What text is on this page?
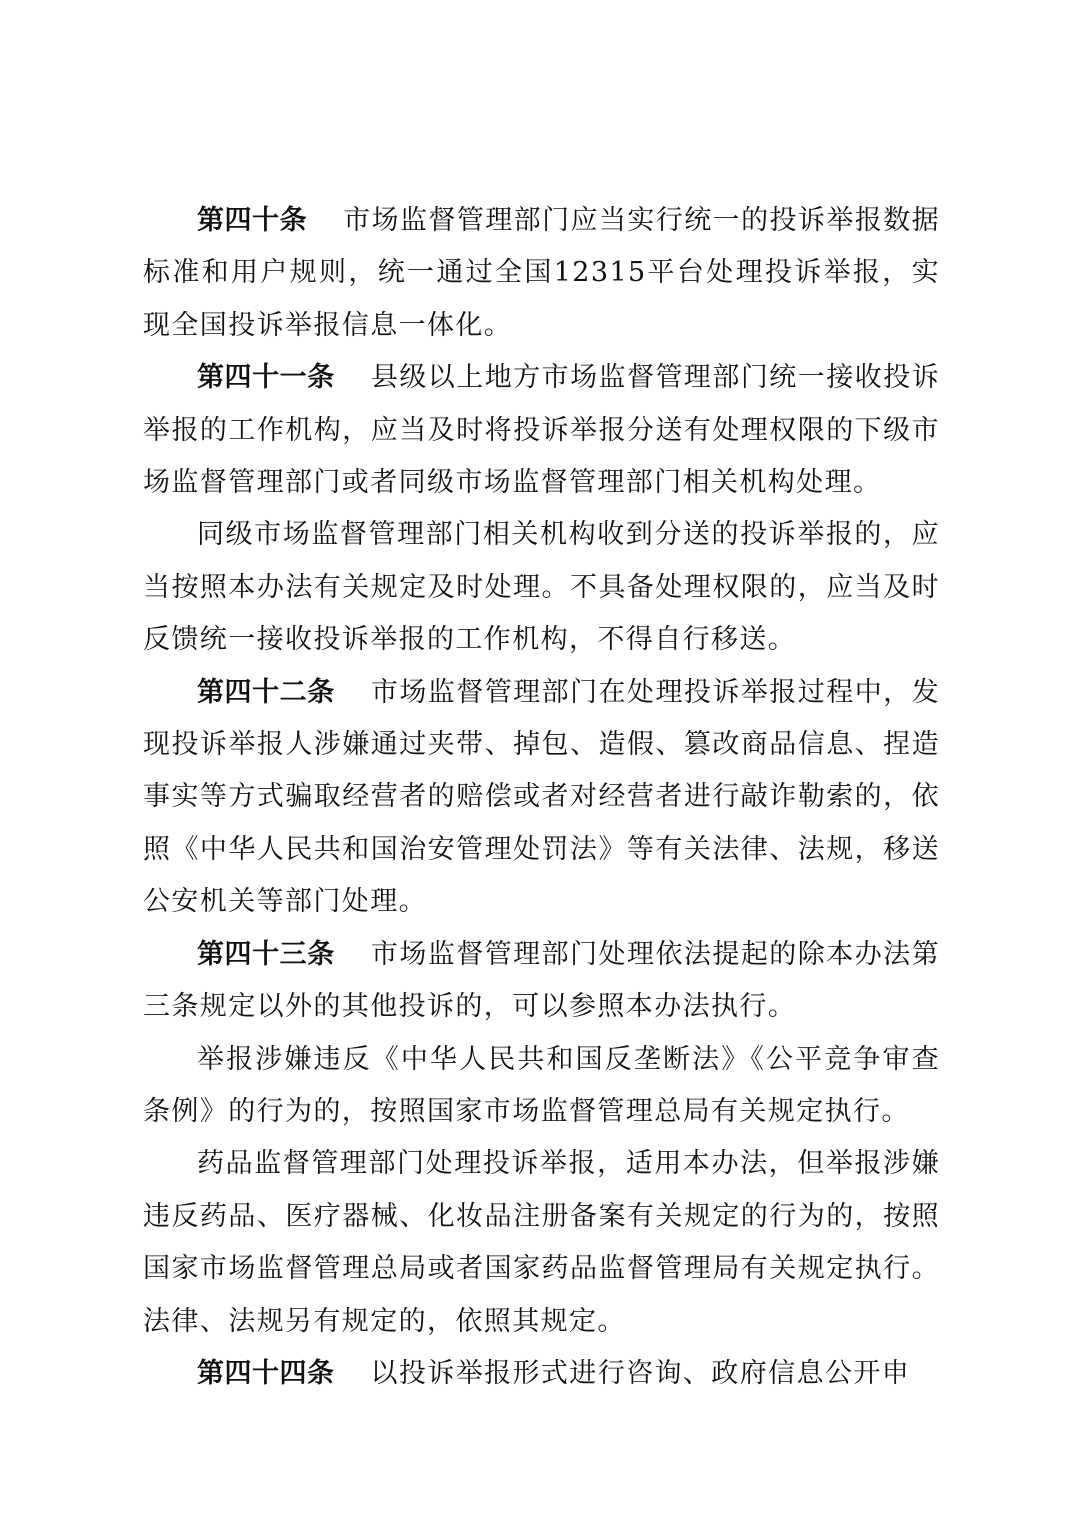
第四十条 市场监督管理部门应当实行统一的投诉举报数据标准和用户规则，统一通过全国12315平台处理投诉举报，实现全国投诉举报信息一体化。

第四十一条 县级以上地方市场监督管理部门统一接收投诉举报的工作机构，应当及时将投诉举报分送有处理权限的下级市场监督管理部门或者同级市场监督管理部门相关机构处理。

同级市场监督管理部门相关机构收到分送的投诉举报的，应当按照本办法有关规定及时处理。不具备处理权限的，应当及时反馈统一接收投诉举报的工作机构，不得自行移送。

第四十二条 市场监督管理部门在处理投诉举报过程中，发现投诉举报人涉嫌通过夹带、掉包、造假、篡改商品信息、捏造事实等方式骗取经营者的赔偿或者对经营者进行敲诈勒索的，依照《中华人民共和国治安管理处罚法》等有关法律、法规，移送公安机关等部门处理。

第四十三条 市场监督管理部门处理依法提起的除本办法第三条规定以外的其他投诉的，可以参照本办法执行。

举报涉嫌违反《中华人民共和国反垄断法》《公平竞争审查条例》的行为的，按照国家市场监督管理总局有关规定执行。

药品监督管理部门处理投诉举报，适用本办法，但举报涉嫌违反药品、医疗器械、化妆品注册备案有关规定的行为的，按照国家市场监督管理总局或者国家药品监督管理局有关规定执行。法律、法规另有规定的，依照其规定。

第四十四条 以投诉举报形式进行咨询、政府信息公开申
